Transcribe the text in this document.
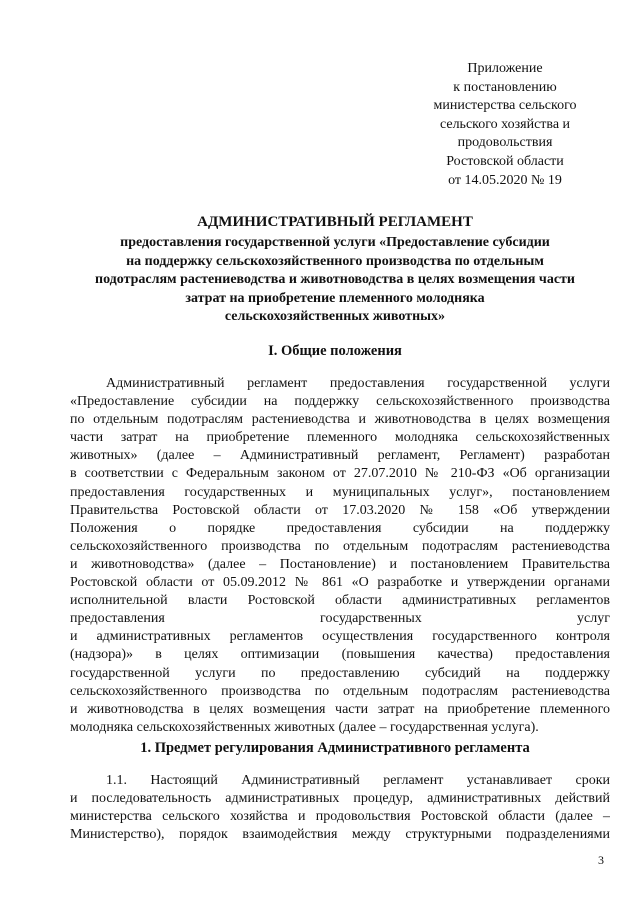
Приложение
к постановлению
министерства сельского
сельского хозяйства и
продовольствия
Ростовской области
от 14.05.2020 № 19
АДМИНИСТРАТИВНЫЙ РЕГЛАМЕНТ
предоставления государственной услуги «Предоставление субсидии
на поддержку сельскохозяйственного производства по отдельным
подотраслям растениеводства и животноводства в целях возмещения части
затрат на приобретение племенного молодняка
сельскохозяйственных животных»
I. Общие положения
Административный регламент предоставления государственной услуги
«Предоставление субсидии на поддержку сельскохозяйственного производства
по отдельным подотраслям растениеводства и животноводства в целях возмещения
части затрат на приобретение племенного молодняка сельскохозяйственных
животных» (далее – Административный регламент, Регламент) разработан
в соответствии с Федеральным законом от 27.07.2010 № 210-ФЗ «Об организации
предоставления государственных и муниципальных услуг», постановлением
Правительства Ростовской области от 17.03.2020 № 158 «Об утверждении
Положения о порядке предоставления субсидии на поддержку
сельскохозяйственного производства по отдельным подотраслям растениеводства
и животноводства» (далее – Постановление) и постановлением Правительства
Ростовской области от 05.09.2012 № 861 «О разработке и утверждении органами
исполнительной власти Ростовской области административных регламентов
предоставления государственных услуг
и административных регламентов осуществления государственного контроля
(надзора)» в целях оптимизации (повышения качества) предоставления
государственной услуги по предоставлению субсидий на поддержку
сельскохозяйственного производства по отдельным подотраслям растениеводства
и животноводства в целях возмещения части затрат на приобретение племенного
молодняка сельскохозяйственных животных (далее – государственная услуга).
1. Предмет регулирования Административного регламента
1.1. Настоящий Административный регламент устанавливает сроки
и последовательность административных процедур, административных действий
министерства сельского хозяйства и продовольствия Ростовской области (далее –
Министерство), порядок взаимодействия между структурными подразделениями
3
